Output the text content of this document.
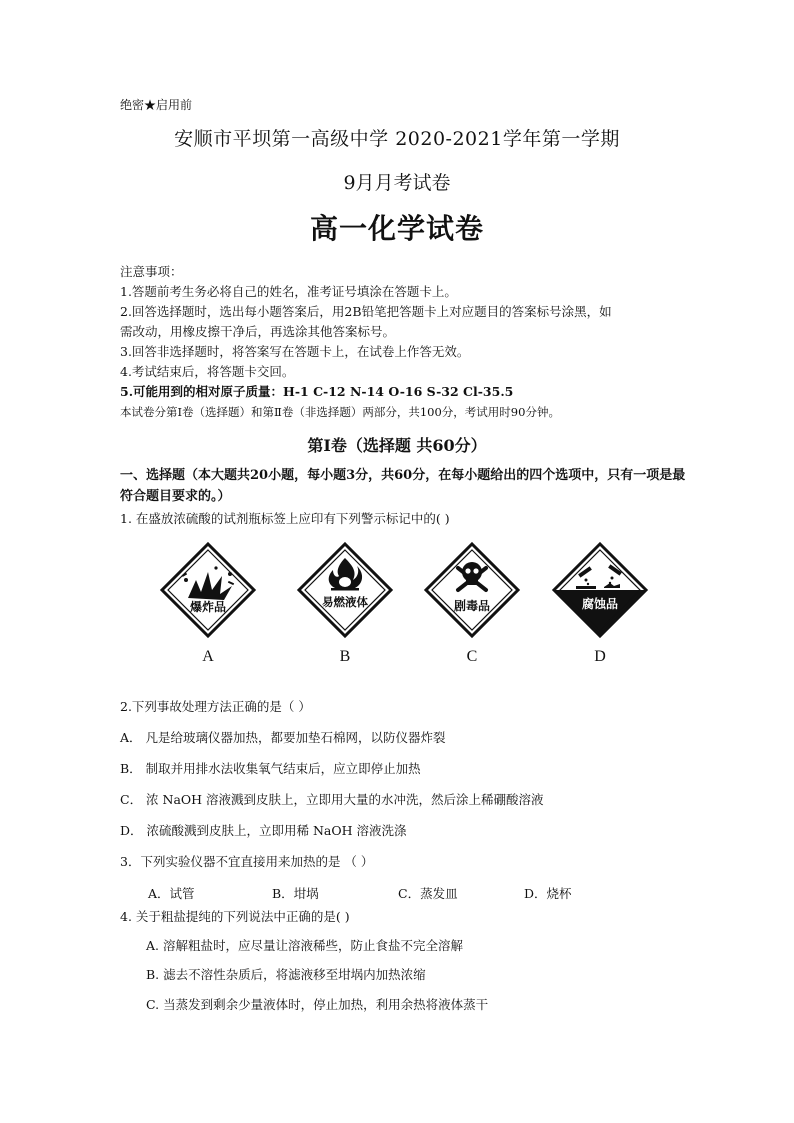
绝密★启用前
安顺市平坝第一高级中学 2020-2021学年第一学期
9月月考试卷
高一化学试卷
注意事项：
1.答题前考生务必将自己的姓名，准考证号填涂在答题卡上。
2.回答选择题时，选出每小题答案后，用2B铅笔把答题卡上对应题目的答案标号涂黑，如
需改动，用橡皮擦干净后，再选涂其他答案标号。
3.回答非选择题时，将答案写在答题卡上，在试卷上作答无效。
4.考试结束后，将答题卡交回。
5.可能用到的相对原子质量：H-1 C-12 N-14 O-16 S-32 Cl-35.5
本试卷分第Ⅰ卷（选择题）和第Ⅱ卷（非选择题）两部分，共100分，考试用时90分钟。
第Ⅰ卷（选择题 共60分）
一、选择题（本大题共20小题，每小题3分，共60分，在每小题给出的四个选项中，只有一项是最符合题目要求的。）
1. 在盛放浓硫酸的试剂瓶标签上应印有下列警示标记中的( )
爆炸品
A
易燃液体
B
剧毒品
C
腐蚀品
D
2.下列事故处理方法正确的是（ ）
A． 凡是给玻璃仪器加热，都要加垫石棉网，以防仪器炸裂
B． 制取并用排水法收集氧气结束后，应立即停止加热
C． 浓 NaOH 溶液溅到皮肤上，立即用大量的水冲洗，然后涂上稀硼酸溶液
D． 浓硫酸溅到皮肤上，立即用稀 NaOH 溶液洗涤
3．下列实验仪器不宜直接用来加热的是 （ ）
A．试管	B．坩埚	C．蒸发皿	D．烧杯
4. 关于粗盐提纯的下列说法中正确的是( )
A. 溶解粗盐时，应尽量让溶液稀些，防止食盐不完全溶解
B. 滤去不溶性杂质后，将滤液移至坩埚内加热浓缩
C. 当蒸发到剩余少量液体时，停止加热，利用余热将液体蒸干
